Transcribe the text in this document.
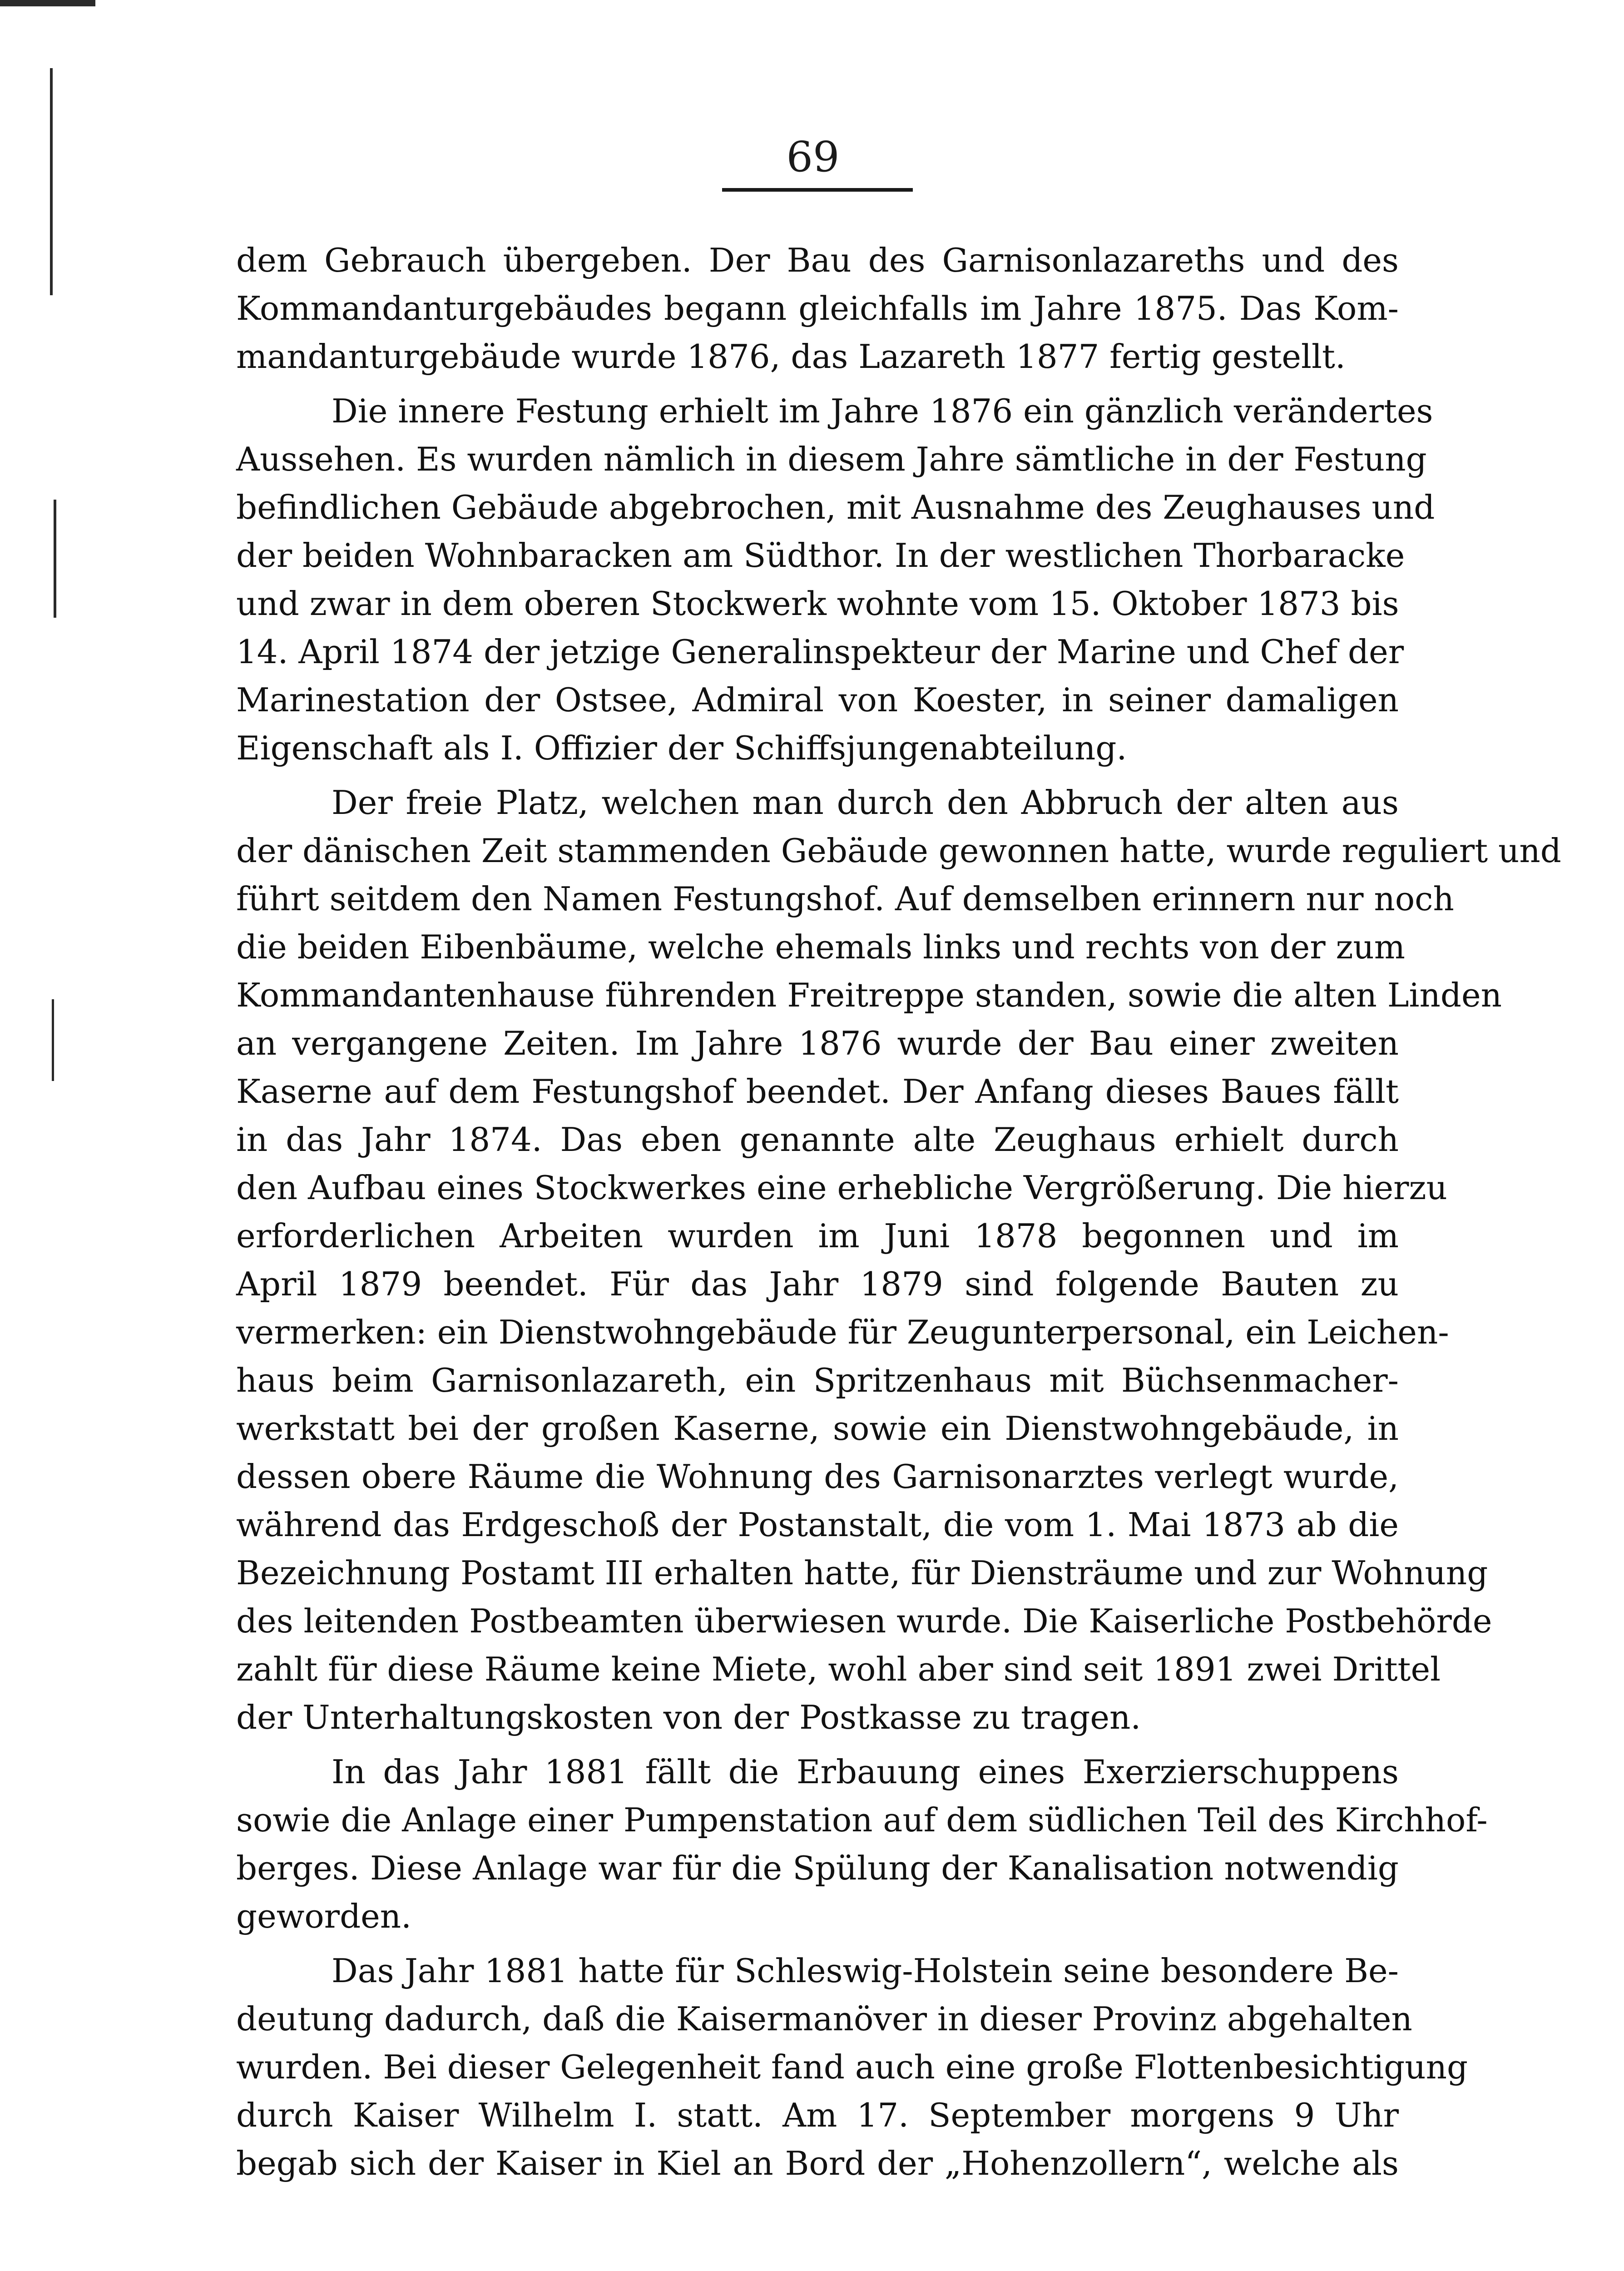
69
dem Gebrauch übergeben. Der Bau des Garnisonlazareths und des
Kommandanturgebäudes begann gleichfalls im Jahre 1875. Das Kom-
mandanturgebäude wurde 1876, das Lazareth 1877 fertig gestellt.
Die innere Festung erhielt im Jahre 1876 ein gänzlich verändertes
Aussehen. Es wurden nämlich in diesem Jahre sämtliche in der Festung
befindlichen Gebäude abgebrochen, mit Ausnahme des Zeughauses und
der beiden Wohnbaracken am Südthor. In der westlichen Thorbaracke
und zwar in dem oberen Stockwerk wohnte vom 15. Oktober 1873 bis
14. April 1874 der jetzige Generalinspekteur der Marine und Chef der
Marinestation der Ostsee, Admiral von Koester, in seiner damaligen
Eigenschaft als I. Offizier der Schiffsjungenabteilung.
Der freie Platz, welchen man durch den Abbruch der alten aus
der dänischen Zeit stammenden Gebäude gewonnen hatte, wurde reguliert und
führt seitdem den Namen Festungshof. Auf demselben erinnern nur noch
die beiden Eibenbäume, welche ehemals links und rechts von der zum
Kommandantenhause führenden Freitreppe standen, sowie die alten Linden
an vergangene Zeiten. Im Jahre 1876 wurde der Bau einer zweiten
Kaserne auf dem Festungshof beendet. Der Anfang dieses Baues fällt
in das Jahr 1874. Das eben genannte alte Zeughaus erhielt durch
den Aufbau eines Stockwerkes eine erhebliche Vergrößerung. Die hierzu
erforderlichen Arbeiten wurden im Juni 1878 begonnen und im
April 1879 beendet. Für das Jahr 1879 sind folgende Bauten zu
vermerken: ein Dienstwohngebäude für Zeugunterpersonal, ein Leichen-
haus beim Garnisonlazareth, ein Spritzenhaus mit Büchsenmacher-
werkstatt bei der großen Kaserne, sowie ein Dienstwohngebäude, in
dessen obere Räume die Wohnung des Garnisonarztes verlegt wurde,
während das Erdgeschoß der Postanstalt, die vom 1. Mai 1873 ab die
Bezeichnung Postamt III erhalten hatte, für Diensträume und zur Wohnung
des leitenden Postbeamten überwiesen wurde. Die Kaiserliche Postbehörde
zahlt für diese Räume keine Miete, wohl aber sind seit 1891 zwei Drittel
der Unterhaltungskosten von der Postkasse zu tragen.
In das Jahr 1881 fällt die Erbauung eines Exerzierschuppens
sowie die Anlage einer Pumpenstation auf dem südlichen Teil des Kirchhof-
berges. Diese Anlage war für die Spülung der Kanalisation notwendig
geworden.
Das Jahr 1881 hatte für Schleswig-Holstein seine besondere Be-
deutung dadurch, daß die Kaisermanöver in dieser Provinz abgehalten
wurden. Bei dieser Gelegenheit fand auch eine große Flottenbesichtigung
durch Kaiser Wilhelm I. statt. Am 17. September morgens 9 Uhr
begab sich der Kaiser in Kiel an Bord der „Hohenzollern“, welche als
